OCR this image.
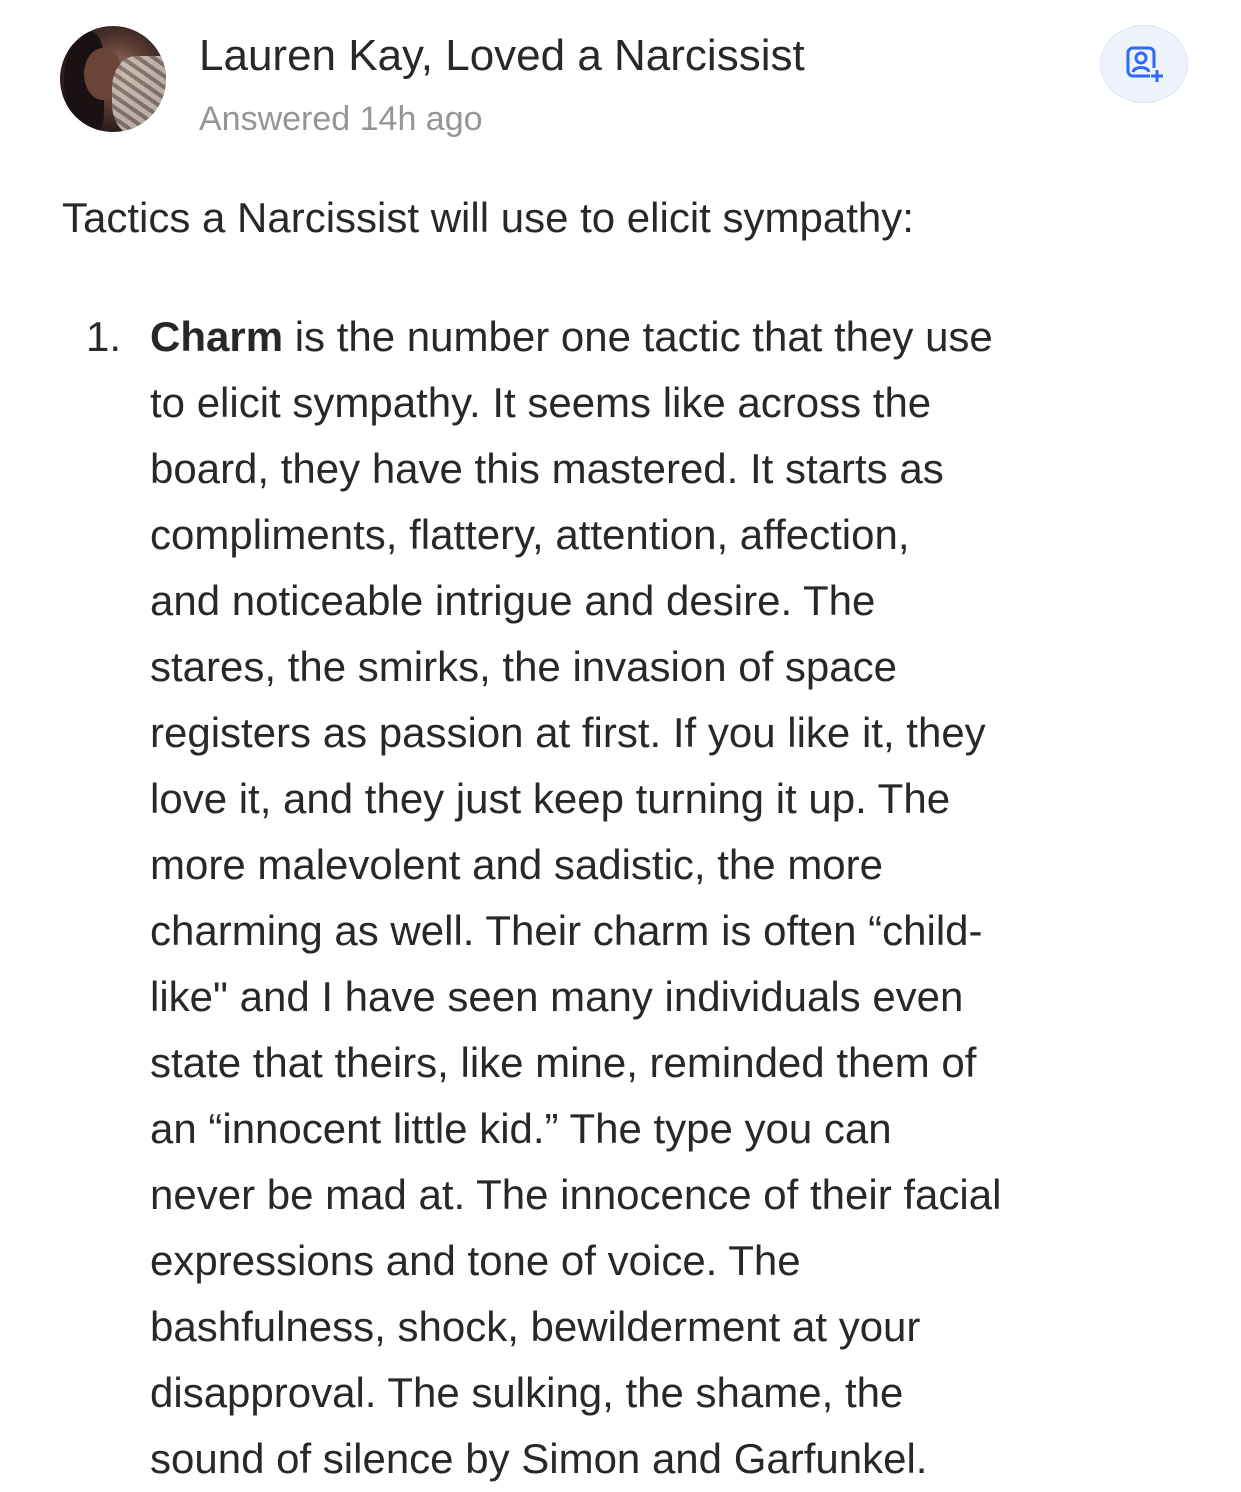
Lauren Kay, Loved a Narcissist
Answered 14h ago
Tactics a Narcissist will use to elicit sympathy:
1. Charm is the number one tactic that they use
to elicit sympathy. It seems like across the
board, they have this mastered. It starts as
compliments, flattery, attention, affection,
and noticeable intrigue and desire. The
stares, the smirks, the invasion of space
registers as passion at first. If you like it, they
love it, and they just keep turning it up. The
more malevolent and sadistic, the more
charming as well. Their charm is often “child-
like" and I have seen many individuals even
state that theirs, like mine, reminded them of
an “innocent little kid.” The type you can
never be mad at. The innocence of their facial
expressions and tone of voice. The
bashfulness, shock, bewilderment at your
disapproval. The sulking, the shame, the
sound of silence by Simon and Garfunkel.
